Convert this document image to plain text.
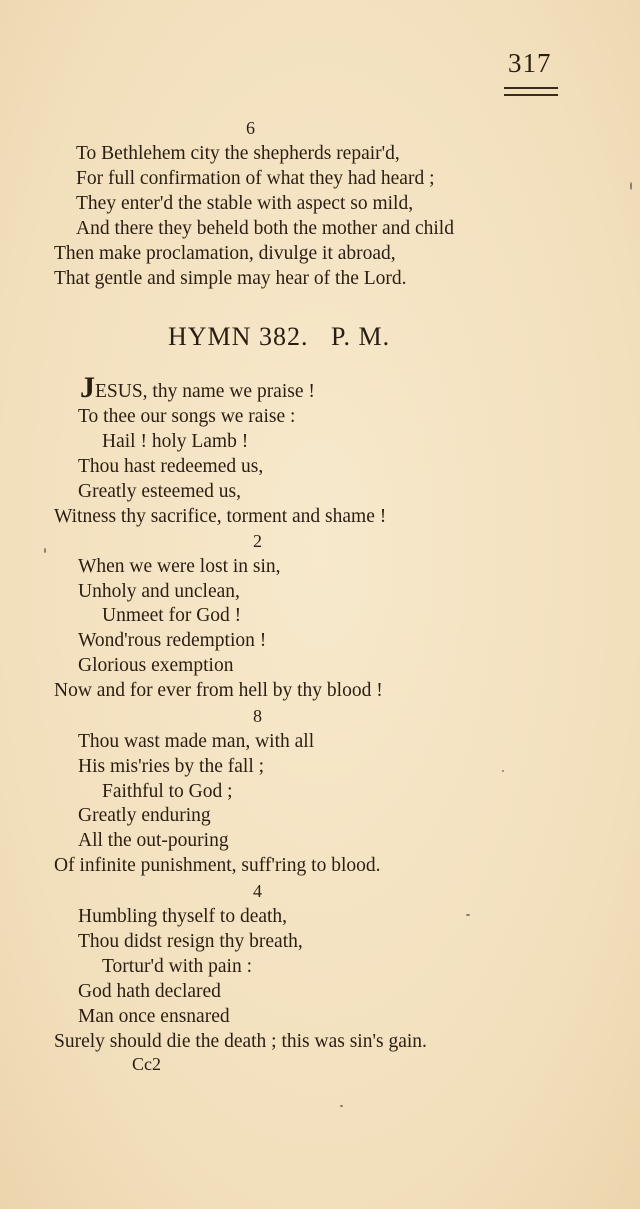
317
6
To Bethlehem city the shepherds repair'd,
For full confirmation of what they had heard ;
They enter'd the stable with aspect so mild,
And there they beheld both the mother and child
Then make proclamation, divulge it abroad,
That gentle and simple may hear of the Lord.
HYMN 382. P. M.
JESUS, thy name we praise !
To thee our songs we raise :
Hail ! holy Lamb !
Thou hast redeemed us,
Greatly esteemed us,
Witness thy sacrifice, torment and shame !
2
When we were lost in sin,
Unholy and unclean,
Unmeet for God !
Wond'rous redemption !
Glorious exemption
Now and for ever from hell by thy blood !
8
Thou wast made man, with all
His mis'ries by the fall ;
Faithful to God ;
Greatly enduring
All the out-pouring
Of infinite punishment, suff'ring to blood.
4
Humbling thyself to death,
Thou didst resign thy breath,
Tortur'd with pain :
God hath declared
Man once ensnared
Surely should die the death ; this was sin's gain.
Cc2
